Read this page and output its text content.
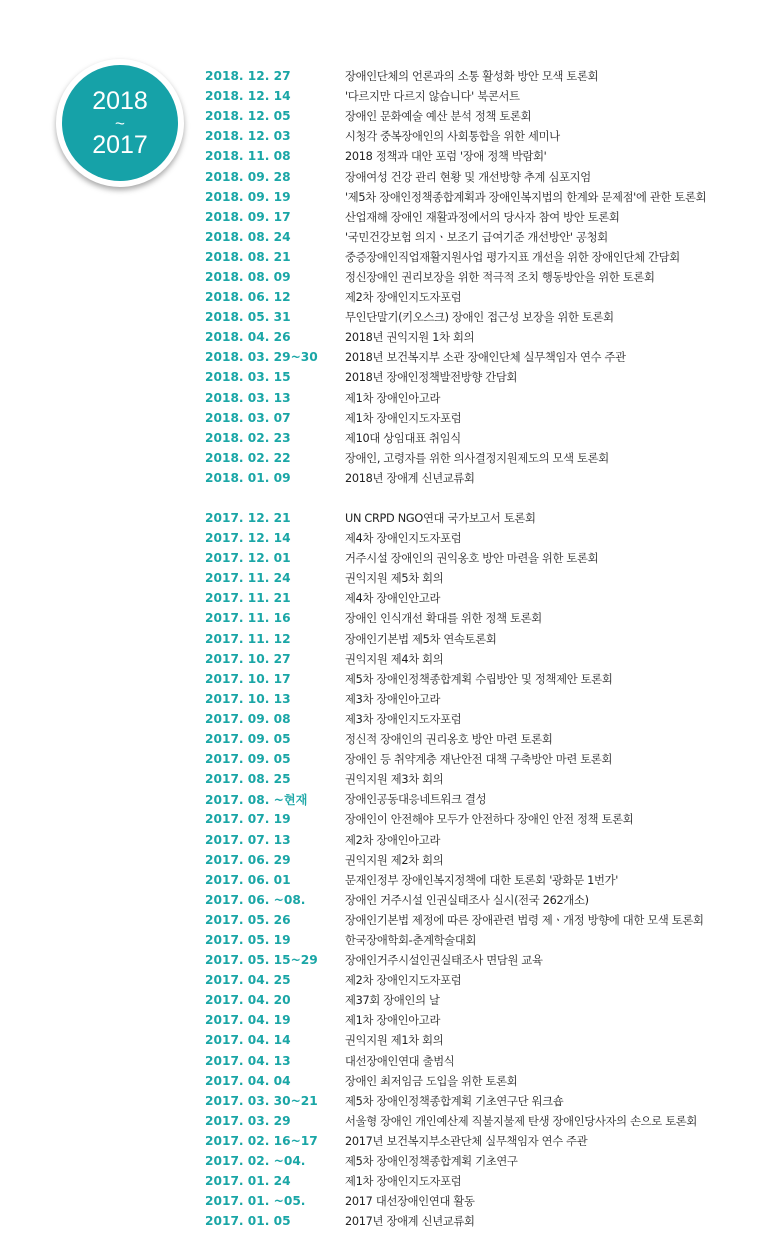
2018
~
2017
2018. 12. 27	장애인단체의 언론과의 소통 활성화 방안 모색 토론회
2018. 12. 14	'다르지만 다르지 않습니다' 북콘서트
2018. 12. 05	장애인 문화예술 예산 분석 정책 토론회
2018. 12. 03	시청각 중복장애인의 사회통합을 위한 세미나
2018. 11. 08	2018 정책과 대안 포럼 '장애 정책 박람회'
2018. 09. 28	장애여성 건강 관리 현황 및 개선방향 추계 심포지엄
2018. 09. 19	'제5차 장애인정책종합계획과 장애인복지법의 한계와 문제점'에 관한 토론회
2018. 09. 17	산업재해 장애인 재활과정에서의 당사자 참여 방안 토론회
2018. 08. 24	'국민건강보험 의지ㆍ보조기 급여기준 개선방안' 공청회
2018. 08. 21	중증장애인직업재활지원사업 평가지표 개선을 위한 장애인단체 간담회
2018. 08. 09	정신장애인 권리보장을 위한 적극적 조치 행동방안을 위한 토론회
2018. 06. 12	제2차 장애인지도자포럼
2018. 05. 31	무인단말기(키오스크) 장애인 접근성 보장을 위한 토론회
2018. 04. 26	2018년 권익지원 1차 회의
2018. 03. 29~30	2018년 보건복지부 소관 장애인단체 실무책임자 연수 주관
2018. 03. 15	2018년 장애인정책발전방향 간담회
2018. 03. 13	제1차 장애인아고라
2018. 03. 07	제1차 장애인지도자포럼
2018. 02. 23	제10대 상임대표 취임식
2018. 02. 22	장애인, 고령자를 위한 의사결정지원제도의 모색 토론회
2018. 01. 09	2018년 장애계 신년교류회
2017. 12. 21	UN CRPD NGO연대 국가보고서 토론회
2017. 12. 14	제4차 장애인지도자포럼
2017. 12. 01	거주시설 장애인의 권익옹호 방안 마련을 위한 토론회
2017. 11. 24	권익지원 제5차 회의
2017. 11. 21	제4차 장애인안고라
2017. 11. 16	장애인 인식개선 확대를 위한 정책 토론회
2017. 11. 12	장애인기본법 제5차 연속토론회
2017. 10. 27	권익지원 제4차 회의
2017. 10. 17	제5차 장애인정책종합계획 수립방안 및 정책제안 토론회
2017. 10. 13	제3차 장애인아고라
2017. 09. 08	제3차 장애인지도자포럼
2017. 09. 05	정신적 장애인의 권리옹호 방안 마련 토론회
2017. 09. 05	장애인 등 취약계층 재난안전 대책 구축방안 마련 토론회
2017. 08. 25	권익지원 제3차 회의
2017. 08. ~현재	장애인공동대응네트워크 결성
2017. 07. 19	장애인이 안전해야 모두가 안전하다 장애인 안전 정책 토론회
2017. 07. 13	제2차 장애인아고라
2017. 06. 29	권익지원 제2차 회의
2017. 06. 01	문재인정부 장애인복지정책에 대한 토론회 '광화문 1번가'
2017. 06. ~08.	장애인 거주시설 인권실태조사 실시(전국 262개소)
2017. 05. 26	장애인기본법 제정에 따른 장애관련 법령 제ㆍ개정 방향에 대한 모색 토론회
2017. 05. 19	한국장애학회-춘계학술대회
2017. 05. 15~29	장애인거주시설인권실태조사 면담원 교육
2017. 04. 25	제2차 장애인지도자포럼
2017. 04. 20	제37회 장애인의 날
2017. 04. 19	제1차 장애인아고라
2017. 04. 14	권익지원 제1차 회의
2017. 04. 13	대선장애인연대 출범식
2017. 04. 04	장애인 최저임금 도입을 위한 토론회
2017. 03. 30~21	제5차 장애인정책종합계획 기초연구단 워크숍
2017. 03. 29	서울형 장애인 개인예산제 직불지불제 탄생 장애인당사자의 손으로 토론회
2017. 02. 16~17	2017년 보건복지부소관단체 실무책임자 연수 주관
2017. 02. ~04.	제5차 장애인정책종합계획 기초연구
2017. 01. 24	제1차 장애인지도자포럼
2017. 01. ~05.	2017 대선장애인연대 활동
2017. 01. 05	2017년 장애계 신년교류회
